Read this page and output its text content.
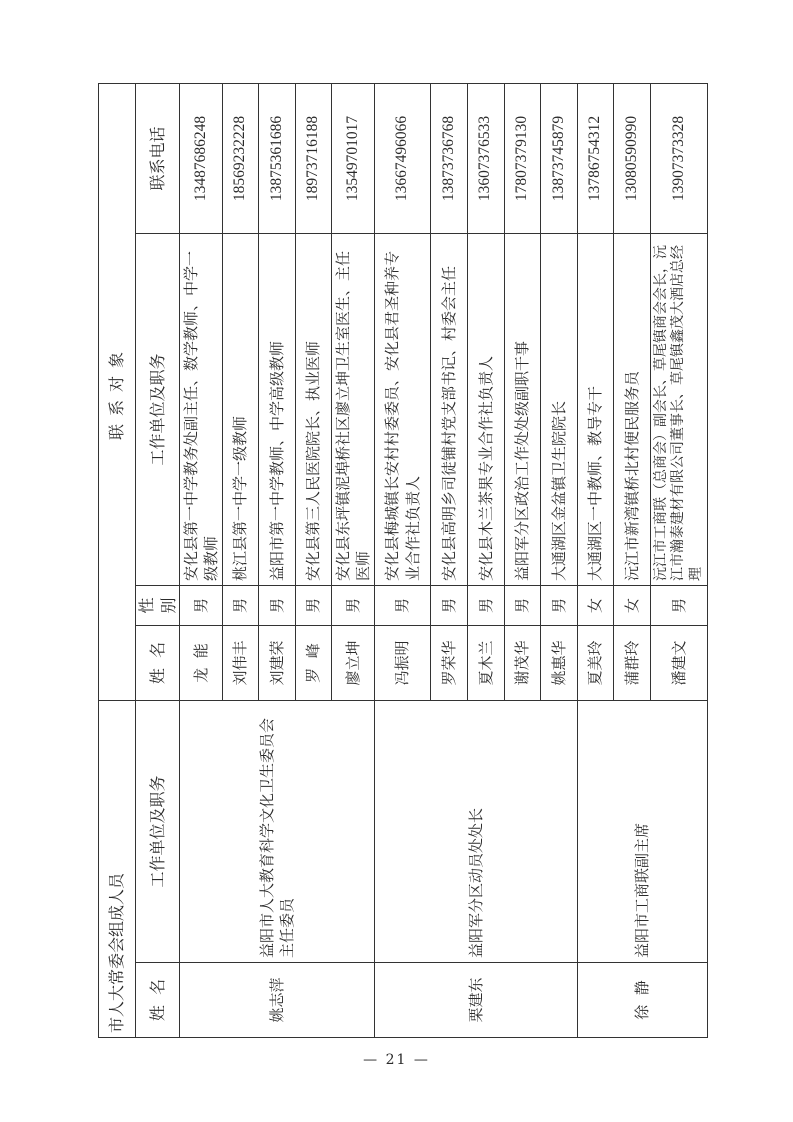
市人大常委会组成人员		联系对象			
姓  名	工作单位及职务	姓  名	性别	工作单位及职务	联系电话
姚志萍	益阳市人大教育科学文化卫生委员会主任委员	龙  能	男	安化县第一中学教务处副主任、数学教师、中学一级教师	13487686248
		刘伟丰	男	桃江县第一中学一级教师	18569232228
		刘建荣	男	益阳市第一中学教师、中学高级教师	13875361686
		罗  峰	男	安化县第三人民医院院长、执业医师	18973716188
		廖立坤	男	安化县东坪镇泥埠桥社区廖立坤卫生室医生、主任医师	13549701017
栗建东	益阳军分区动员处处长	冯振明	男	安化县梅城镇长安村村委委员、安化县君圣种养专业合作社负责人	13667496066
		罗荣华	男	安化县高明乡司徒铺村党支部书记、村委会主任	13873736768
		夏木兰	男	安化县木兰茶果专业合作社负责人	13607376533
		谢茂华	男	益阳军分区政治工作处处级副职干事	17807379130
		姚惠华	男	大通湖区金盆镇卫生院院长	13873745879
徐  静	益阳市工商联副主席	夏美玲	女	大通湖区一中教师、教导专干	13786754312
		蒲群玲	女	沅江市新湾镇桥北村便民服务员	13080590990
		潘建文	男	沅江市工商联（总商会）副会长、草尾镇商会会长，沅江市瀚泰建材有限公司董事长、草尾镇鑫茂大酒店总经理	13907373328
— 21 —
